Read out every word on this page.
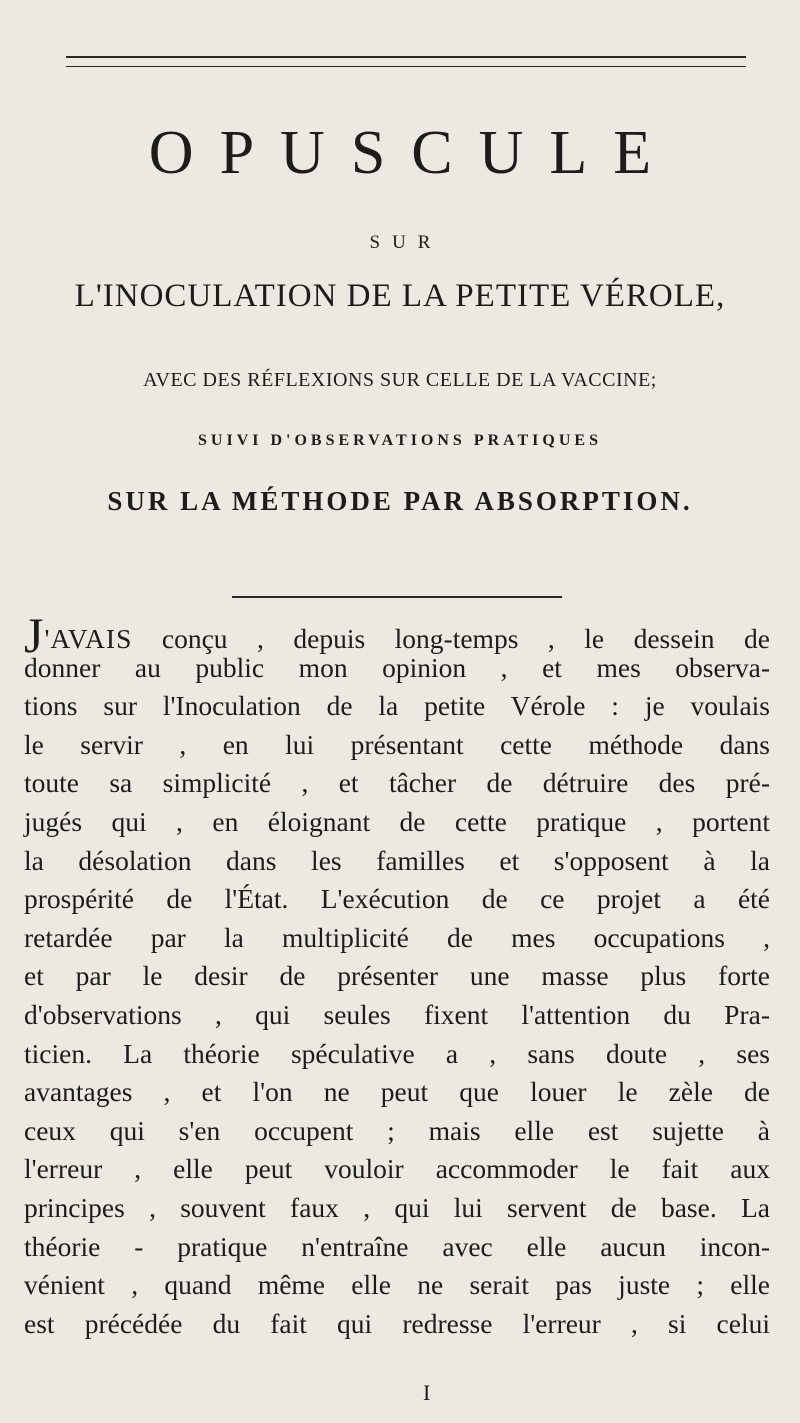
OPUSCULE
SUR
L'INOCULATION DE LA PETITE VÉROLE,
AVEC DES RÉFLEXIONS SUR CELLE DE LA VACCINE;
SUIVI D'OBSERVATIONS PRATIQUES
SUR LA MÉTHODE PAR ABSORPTION.
J'AVAIS conçu , depuis long-temps , le dessein de
donner au public mon opinion , et mes observa-
tions sur l'Inoculation de la petite Vérole : je voulais
le servir , en lui présentant cette méthode dans
toute sa simplicité , et tâcher de détruire des pré-
jugés qui , en éloignant de cette pratique , portent
la désolation dans les familles et s'opposent à la
prospérité de l'État. L'exécution de ce projet a été
retardée par la multiplicité de mes occupations ,
et par le desir de présenter une masse plus forte
d'observations , qui seules fixent l'attention du Pra-
ticien. La théorie spéculative a , sans doute , ses
avantages , et l'on ne peut que louer le zèle de
ceux qui s'en occupent ; mais elle est sujette à
l'erreur , elle peut vouloir accommoder le fait aux
principes , souvent faux , qui lui servent de base. La
théorie - pratique n'entraîne avec elle aucun incon-
vénient , quand même elle ne serait pas juste ; elle
est précédée du fait qui redresse l'erreur , si celui
I
